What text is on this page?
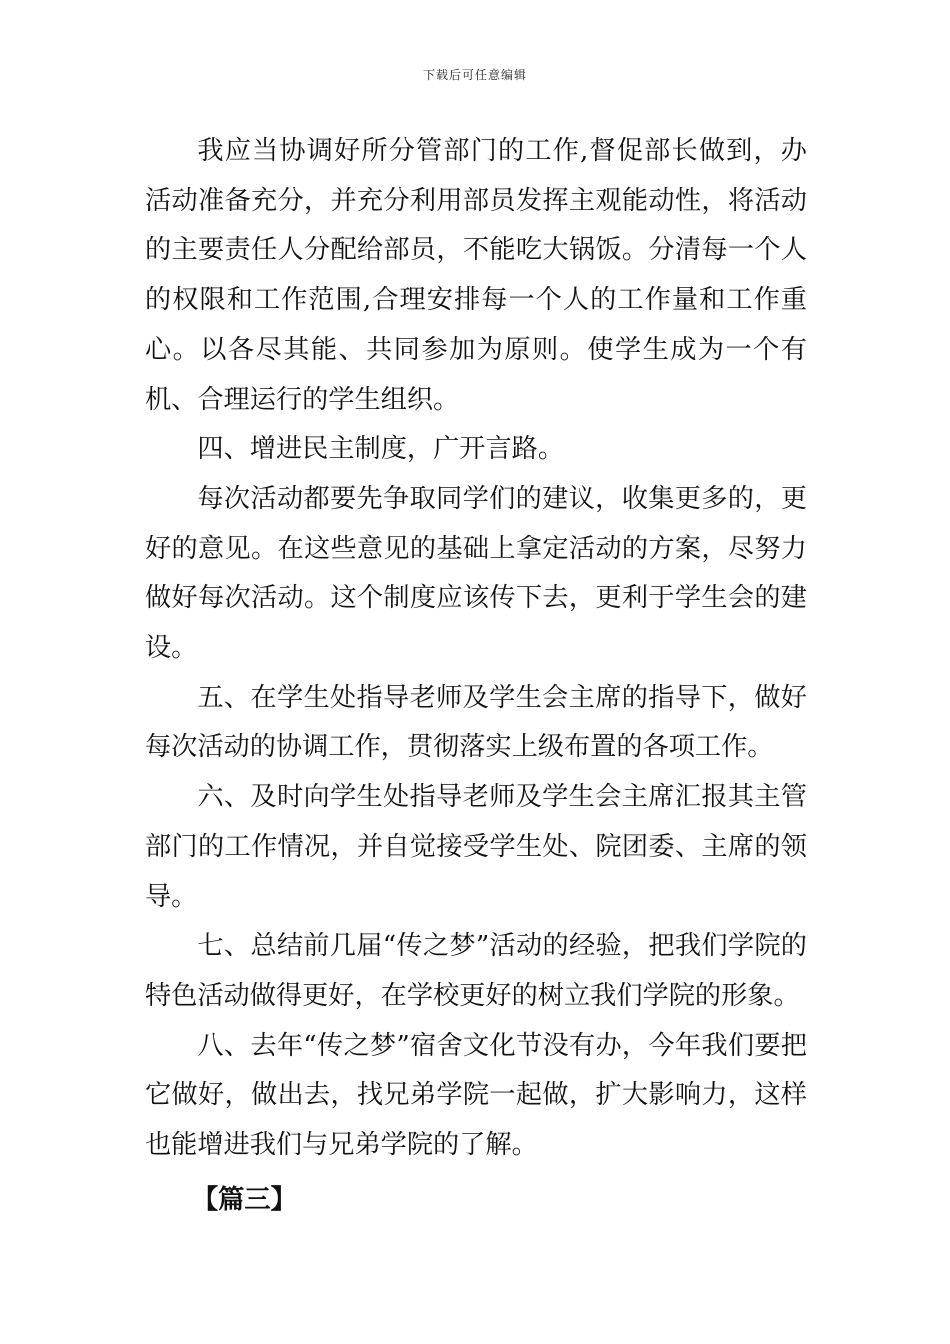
下载后可任意编辑

我应当协调好所分管部门的工作,督促部长做到，办活动准备充分，并充分利用部员发挥主观能动性，将活动的主要责任人分配给部员，不能吃大锅饭。分清每一个人的权限和工作范围,合理安排每一个人的工作量和工作重心。以各尽其能、共同参加为原则。使学生成为一个有机、合理运行的学生组织。

四、增进民主制度，广开言路。

每次活动都要先争取同学们的建议，收集更多的，更好的意见。在这些意见的基础上拿定活动的方案，尽努力做好每次活动。这个制度应该传下去，更利于学生会的建设。

五、在学生处指导老师及学生会主席的指导下，做好每次活动的协调工作，贯彻落实上级布置的各项工作。

六、及时向学生处指导老师及学生会主席汇报其主管部门的工作情况，并自觉接受学生处、院团委、主席的领导。

七、总结前几届“传之梦”活动的经验，把我们学院的特色活动做得更好，在学校更好的树立我们学院的形象。

八、去年“传之梦”宿舍文化节没有办，今年我们要把它做好，做出去，找兄弟学院一起做，扩大影响力，这样也能增进我们与兄弟学院的了解。

【篇三】
